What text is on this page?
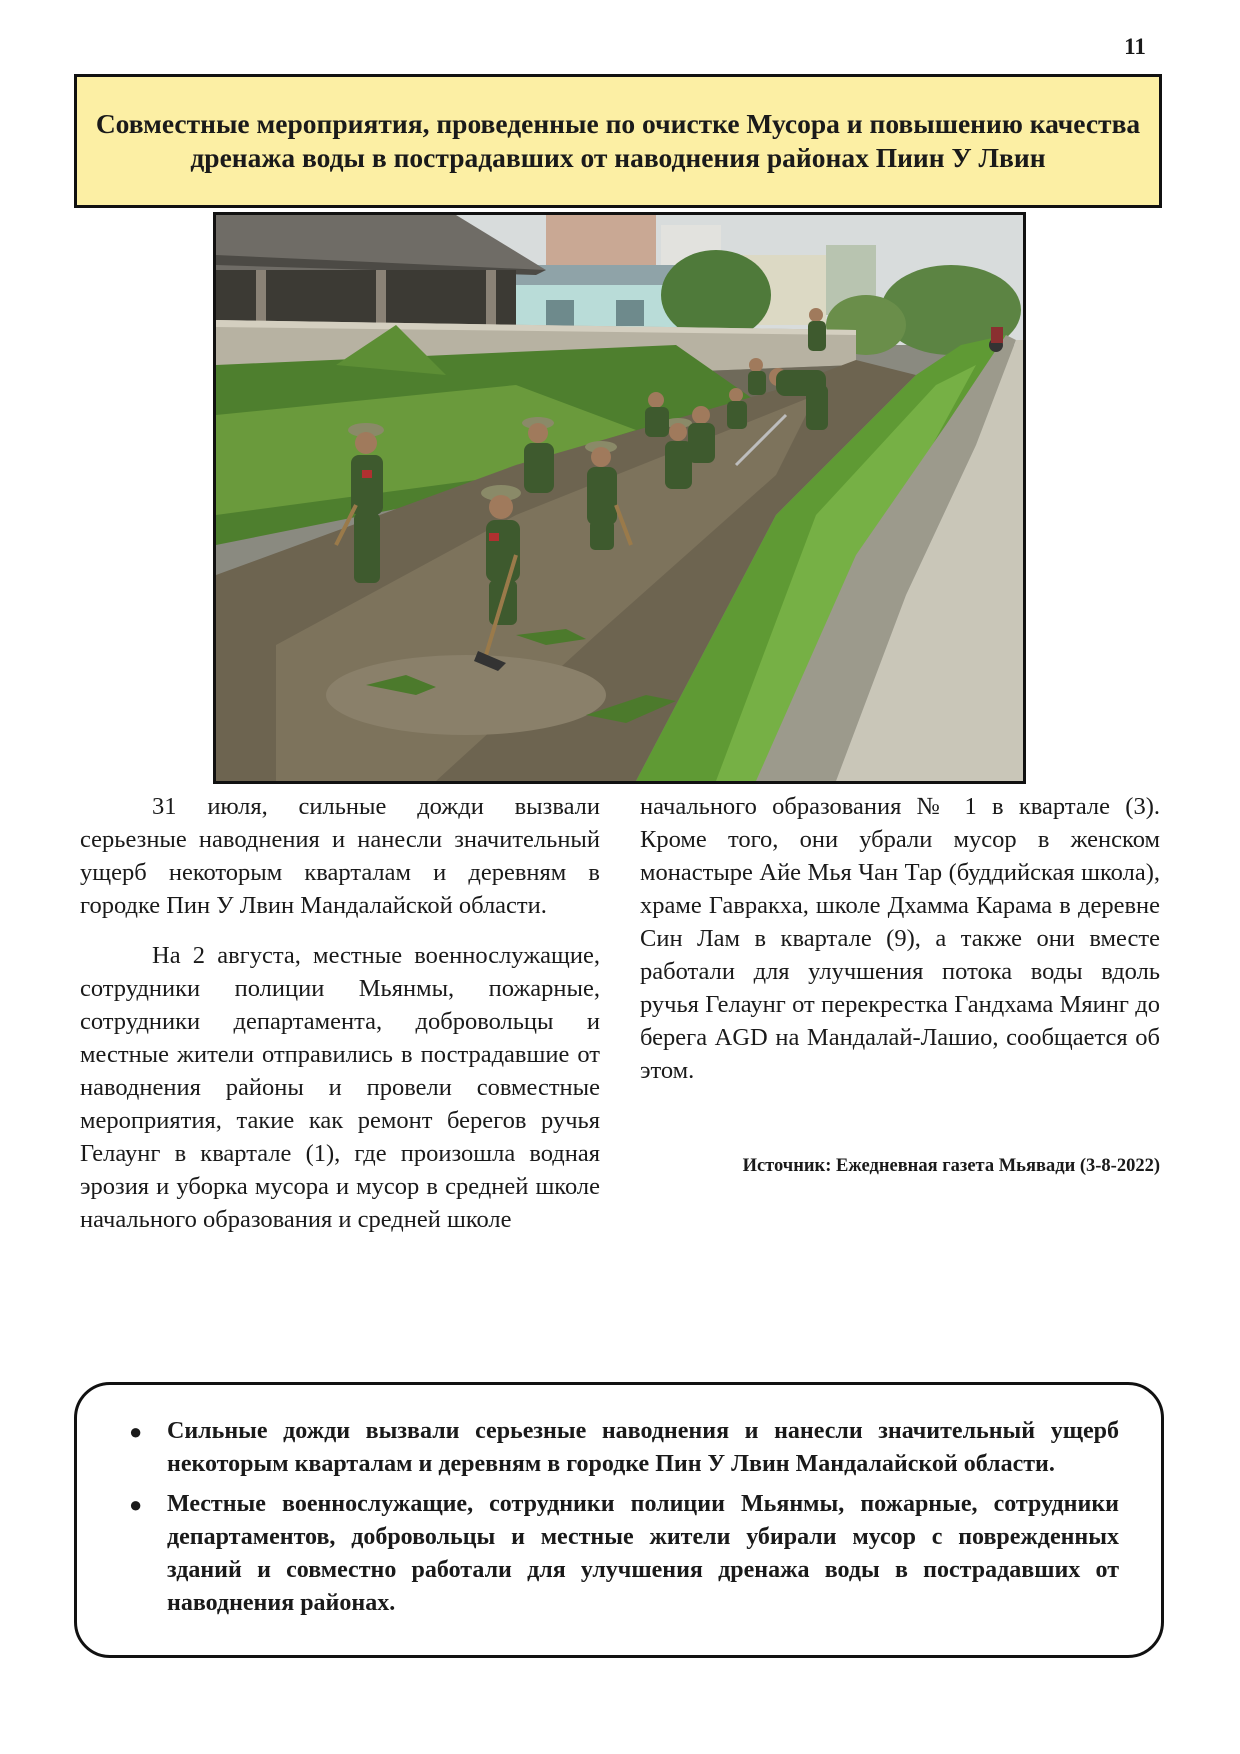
11
Совместные мероприятия, проведенные по очистке Мусора и повышению качества дренажа воды в пострадавших от наводнения районах Пиин У Лвин

31 июля, сильные дожди вызвали серьезные наводнения и нанесли значительный ущерб некоторым кварталам и деревням в городке Пин У Лвин Мандалайской области.

На 2 августа, местные военнослужащие, сотрудники полиции Мьянмы, пожарные, сотрудники департамента, добровольцы и местные жители отправились в пострадавшие от наводнения районы и провели совместные мероприятия, такие как ремонт берегов ручья Гелаунг в квартале (1), где произошла водная эрозия и уборка мусора и мусор в средней школе начального образования и средней школе

начального образования № 1 в квартале (3). Кроме того, они убрали мусор в женском монастыре Айе Мья Чан Тар (буддийская школа), храме Гавракха, школе Дхамма Карама в деревне Син Лам в квартале (9), а также они вместе работали для улучшения потока воды вдоль ручья Гелаунг от перекрестка Гандхама Мяинг до берега AGD на Мандалай-Лашио, сообщается об этом.

Источник: Ежедневная газета Мьявади (3-8-2022)
● Сильные дожди вызвали серьезные наводнения и нанесли значительный ущерб некоторым кварталам и деревням в городке Пин У Лвин Мандалайской области.
● Местные военнослужащие, сотрудники полиции Мьянмы, пожарные, сотрудники департаментов, добровольцы и местные жители убирали мусор с поврежденных зданий и совместно работали для улучшения дренажа воды в пострадавших от наводнения районах.
